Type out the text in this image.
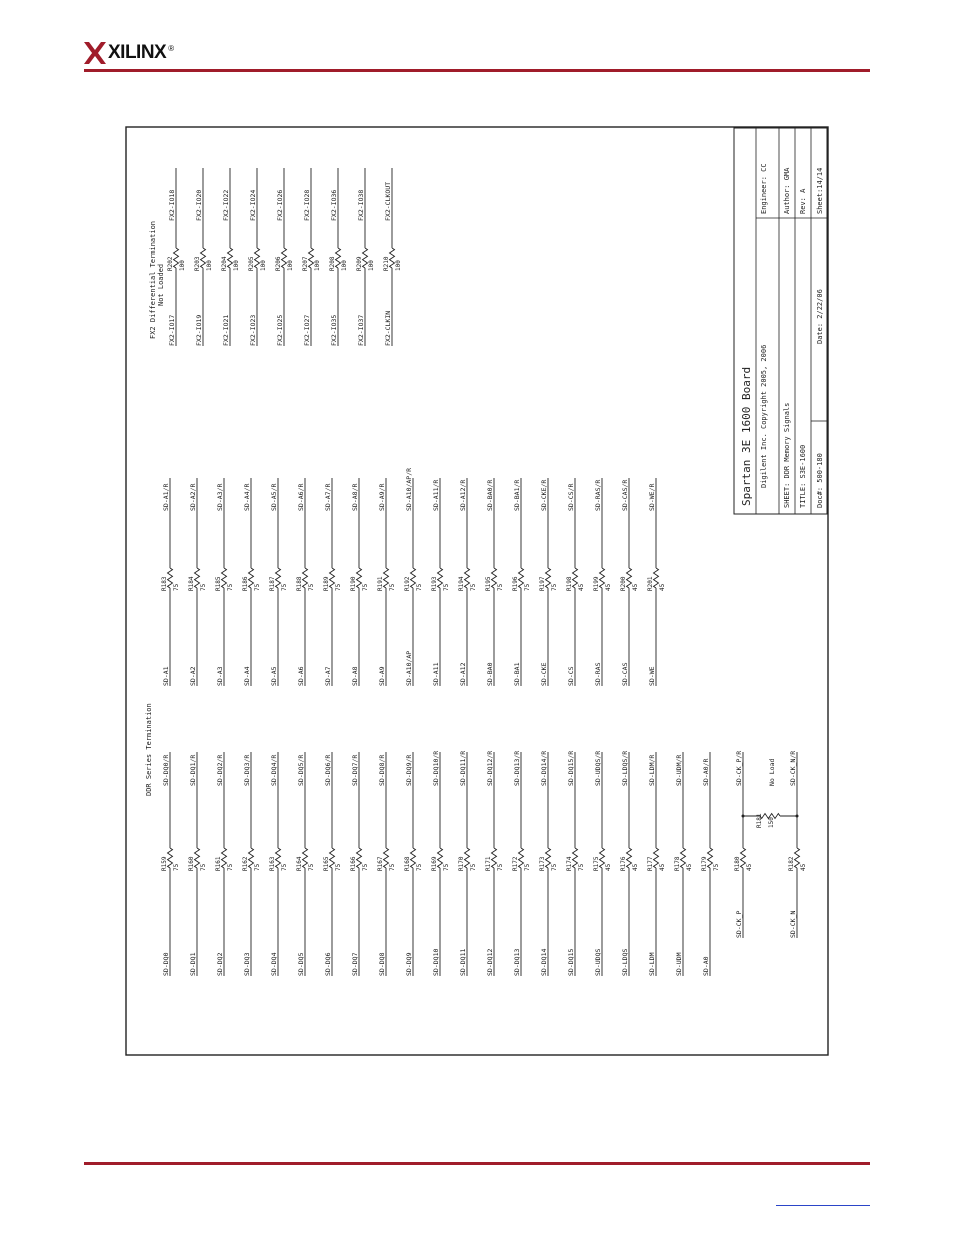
XILINX ®
Spartan 3E 1600 Board Digilent Inc. Copyright 2005, 2006 SHEET: DDR Memory Signals TITLE: S3E-1600 Doc#: 500-180
Date: 2/22/06
Engineer: CC Author: GMA Rev: A Sheet:14/14
DDR Series Termination
FX2 Differential Termination Not Loaded
SD-DQ0
R159 75
SD-DQ0/R
SD-DQ1
R160 75
SD-DQ1/R
SD-DQ2
R161 75
SD-DQ2/R
SD-DQ3
R162 75
SD-DQ3/R
SD-DQ4
R163 75
SD-DQ4/R
SD-DQ5
R164 75
SD-DQ5/R
SD-DQ6
R165 75
SD-DQ6/R
SD-DQ7
R166 75
SD-DQ7/R
SD-DQ8
R167 75
SD-DQ8/R
SD-DQ9
R168 75
SD-DQ9/R
SD-DQ10
R169 75
SD-DQ10/R
SD-DQ11
R170 75
SD-DQ11/R
SD-DQ12
R171 75
SD-DQ12/R
SD-DQ13
R172 75
SD-DQ13/R
SD-DQ14
R173 75
SD-DQ14/R
SD-DQ15
R174 75
SD-DQ15/R
SD-UDQS
R175 45
SD-UDQS/R
SD-LDQS
R176 45
SD-LDQS/R
SD-LDM
R177 45
SD-LDM/R
SD-UDM
R178 45
SD-UDM/R
SD-A0
R179 75
SD-A0/R
SD-A1
R183 75
SD-A1/R
SD-A2
R184 75
SD-A2/R
SD-A3
R185 75
SD-A3/R
SD-A4
R186 75
SD-A4/R
SD-A5
R187 75
SD-A5/R
SD-A6
R188 75
SD-A6/R
SD-A7
R189 75
SD-A7/R
SD-A8
R190 75
SD-A8/R
SD-A9
R191 75
SD-A9/R
SD-A10/AP
R192 75
SD-A10/AP/R
SD-A11
R193 75
SD-A11/R
SD-A12
R194 75
SD-A12/R
SD-BA0
R195 75
SD-BA0/R
SD-BA1
R196 75
SD-BA1/R
SD-CKE
R197 75
SD-CKE/R
SD-CS
R198 45
SD-CS/R
SD-RAS
R199 45
SD-RAS/R
SD-CAS
R200 45
SD-CAS/R
SD-WE
R201 45
SD-WE/R
FX2-IO17
R202 100
FX2-IO18
FX2-IO19
R203 100
FX2-IO20
FX2-IO21
R204 100
FX2-IO22
FX2-IO23
R205 100
FX2-IO24
FX2-IO25
R206 100
FX2-IO26
FX2-IO27
R207 100
FX2-IO28
FX2-IO35
R208 100
FX2-IO36
FX2-IO37
R209 100
FX2-IO38
FX2-CLKIN
R210 100
FX2-CLKOUT
SD-CK_P
R180 45
SD-CK_P/R
SD-CK_N
R182 45
SD-CK_N/R
R181 150
No Load
